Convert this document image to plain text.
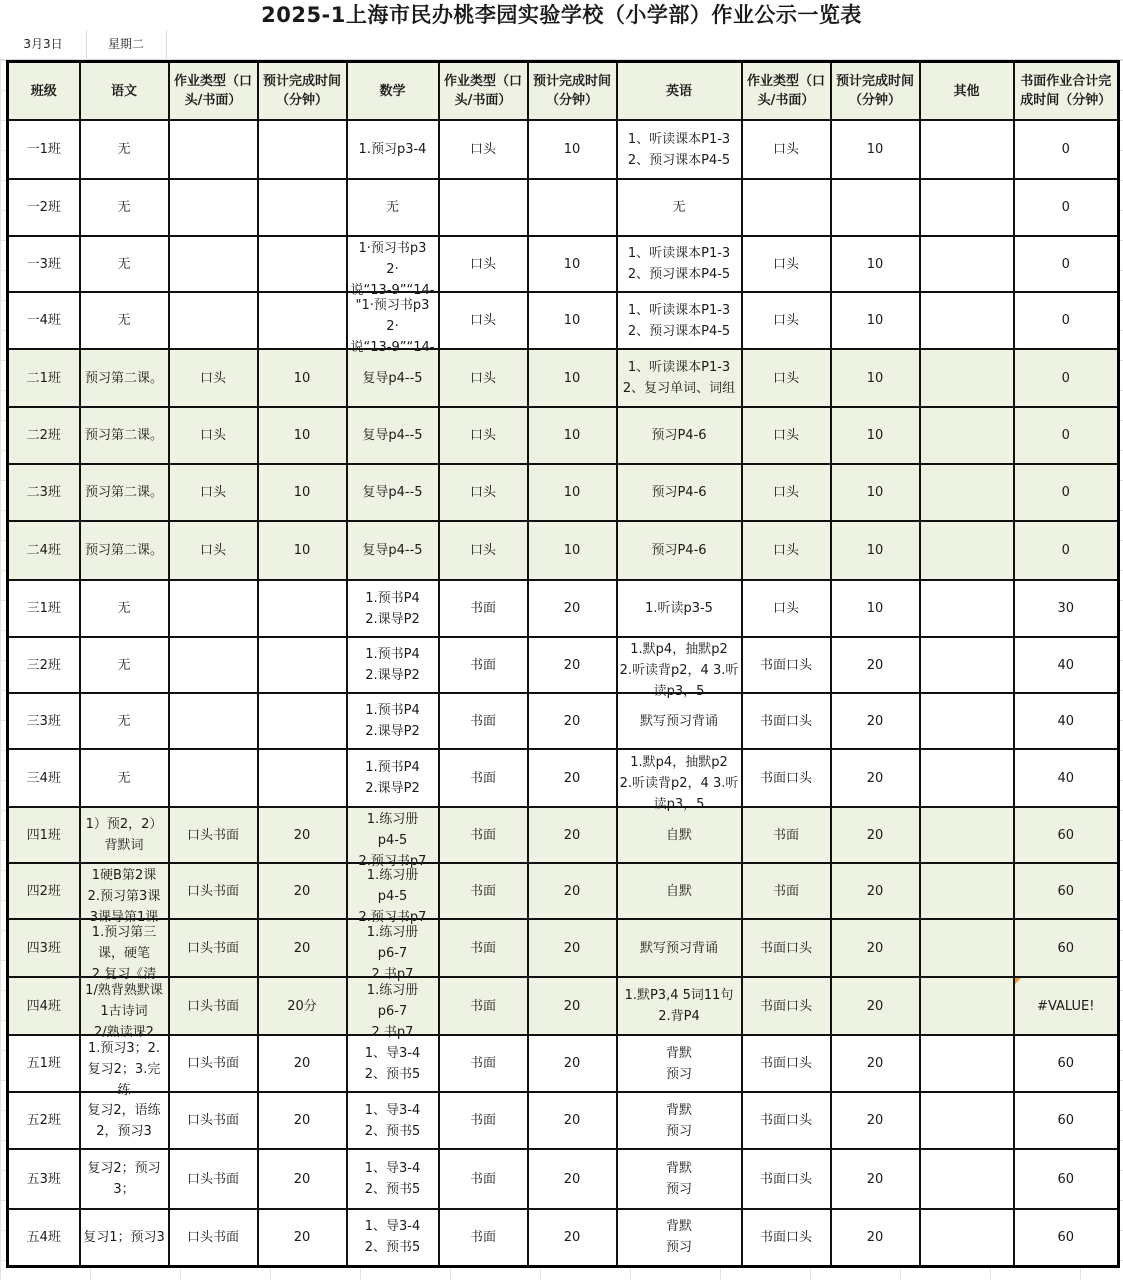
2025-1上海市民办桃李园实验学校（小学部）作业公示一览表
3月3日	星期二
班级	语文	作业类型（口头/书面）	预计完成时间（分钟）	数学	作业类型（口头/书面）	预计完成时间（分钟）	英语	作业类型（口头/书面）	预计完成时间（分钟）	其他	书面作业合计完成时间（分钟）

一1班	无			1.预习p3-4	口头	10	1、听读课本P1-3
2、预习课本P4-5	口头	10		0

一2班	无			无			无				0

一3班	无			1·预习书p3
2·
说“13-9”“14-	口头	10	1、听读课本P1-3
2、预习课本P4-5	口头	10		0

一4班	无			"1·预习书p3
2·
说“13-9”“14-	口头	10	1、听读课本P1-3
2、预习课本P4-5	口头	10		0

二1班	预习第二课。	口头	10	复导p4--5	口头	10	1、听读课本P1-3
2、复习单词、词组	口头	10		0

二2班	预习第二课。	口头	10	复导p4--5	口头	10	预习P4-6	口头	10		0

二3班	预习第二课。	口头	10	复导p4--5	口头	10	预习P4-6	口头	10		0

二4班	预习第二课。	口头	10	复导p4--5	口头	10	预习P4-6	口头	10		0

三1班	无			1.预书P4
2.课导P2	书面	20	1.听读p3-5	口头	10		30

三2班	无			1.预书P4
2.课导P2	书面	20	1.默p4，抽默p2
2.听读背p2，4 3.听读p3，5	书面口头	20		40

三3班	无			1.预书P4
2.课导P2	书面	20	默写预习背诵	书面口头	20		40

三4班	无			1.预书P4
2.课导P2	书面	20	1.默p4，抽默p2
2.听读背p2，4 3.听读p3，5	书面口头	20		40

四1班	1）预2，2）背默词	口头书面	20	1.练习册
p4-5
2.预习书p7	书面	20	自默	书面	20		60

四2班	1硬B第2课
2.预习第3课
3课导第1课	口头书面	20	1.练习册
p4-5
2.预习书p7	书面	20	自默	书面	20		60

四3班	1.预习第三课，硬笔
2.复习《清	口头书面	20	1.练习册
p6-7
2.书p7	书面	20	默写预习背诵	书面口头	20		60

四4班	1/熟背熟默课1古诗词
2/熟读课2	口头书面	20分	1.练习册
p6-7
2.书p7	书面	20	1.默P3,4 5词11句
2.背P4	书面口头	20		#VALUE!

五1班	1.预习3；2.复习2；3.完练	口头书面	20	1、导3-4
2、预书5	书面	20	背默
预习	书面口头	20		60

五2班	复习2，语练2，预习3	口头书面	20	1、导3-4
2、预书5	书面	20	背默
预习	书面口头	20		60

五3班	复习2；预习3；	口头书面	20	1、导3-4
2、预书5	书面	20	背默
预习	书面口头	20		60

五4班	复习1；预习3	口头书面	20	1、导3-4
2、预书5	书面	20	背默
预习	书面口头	20		60
